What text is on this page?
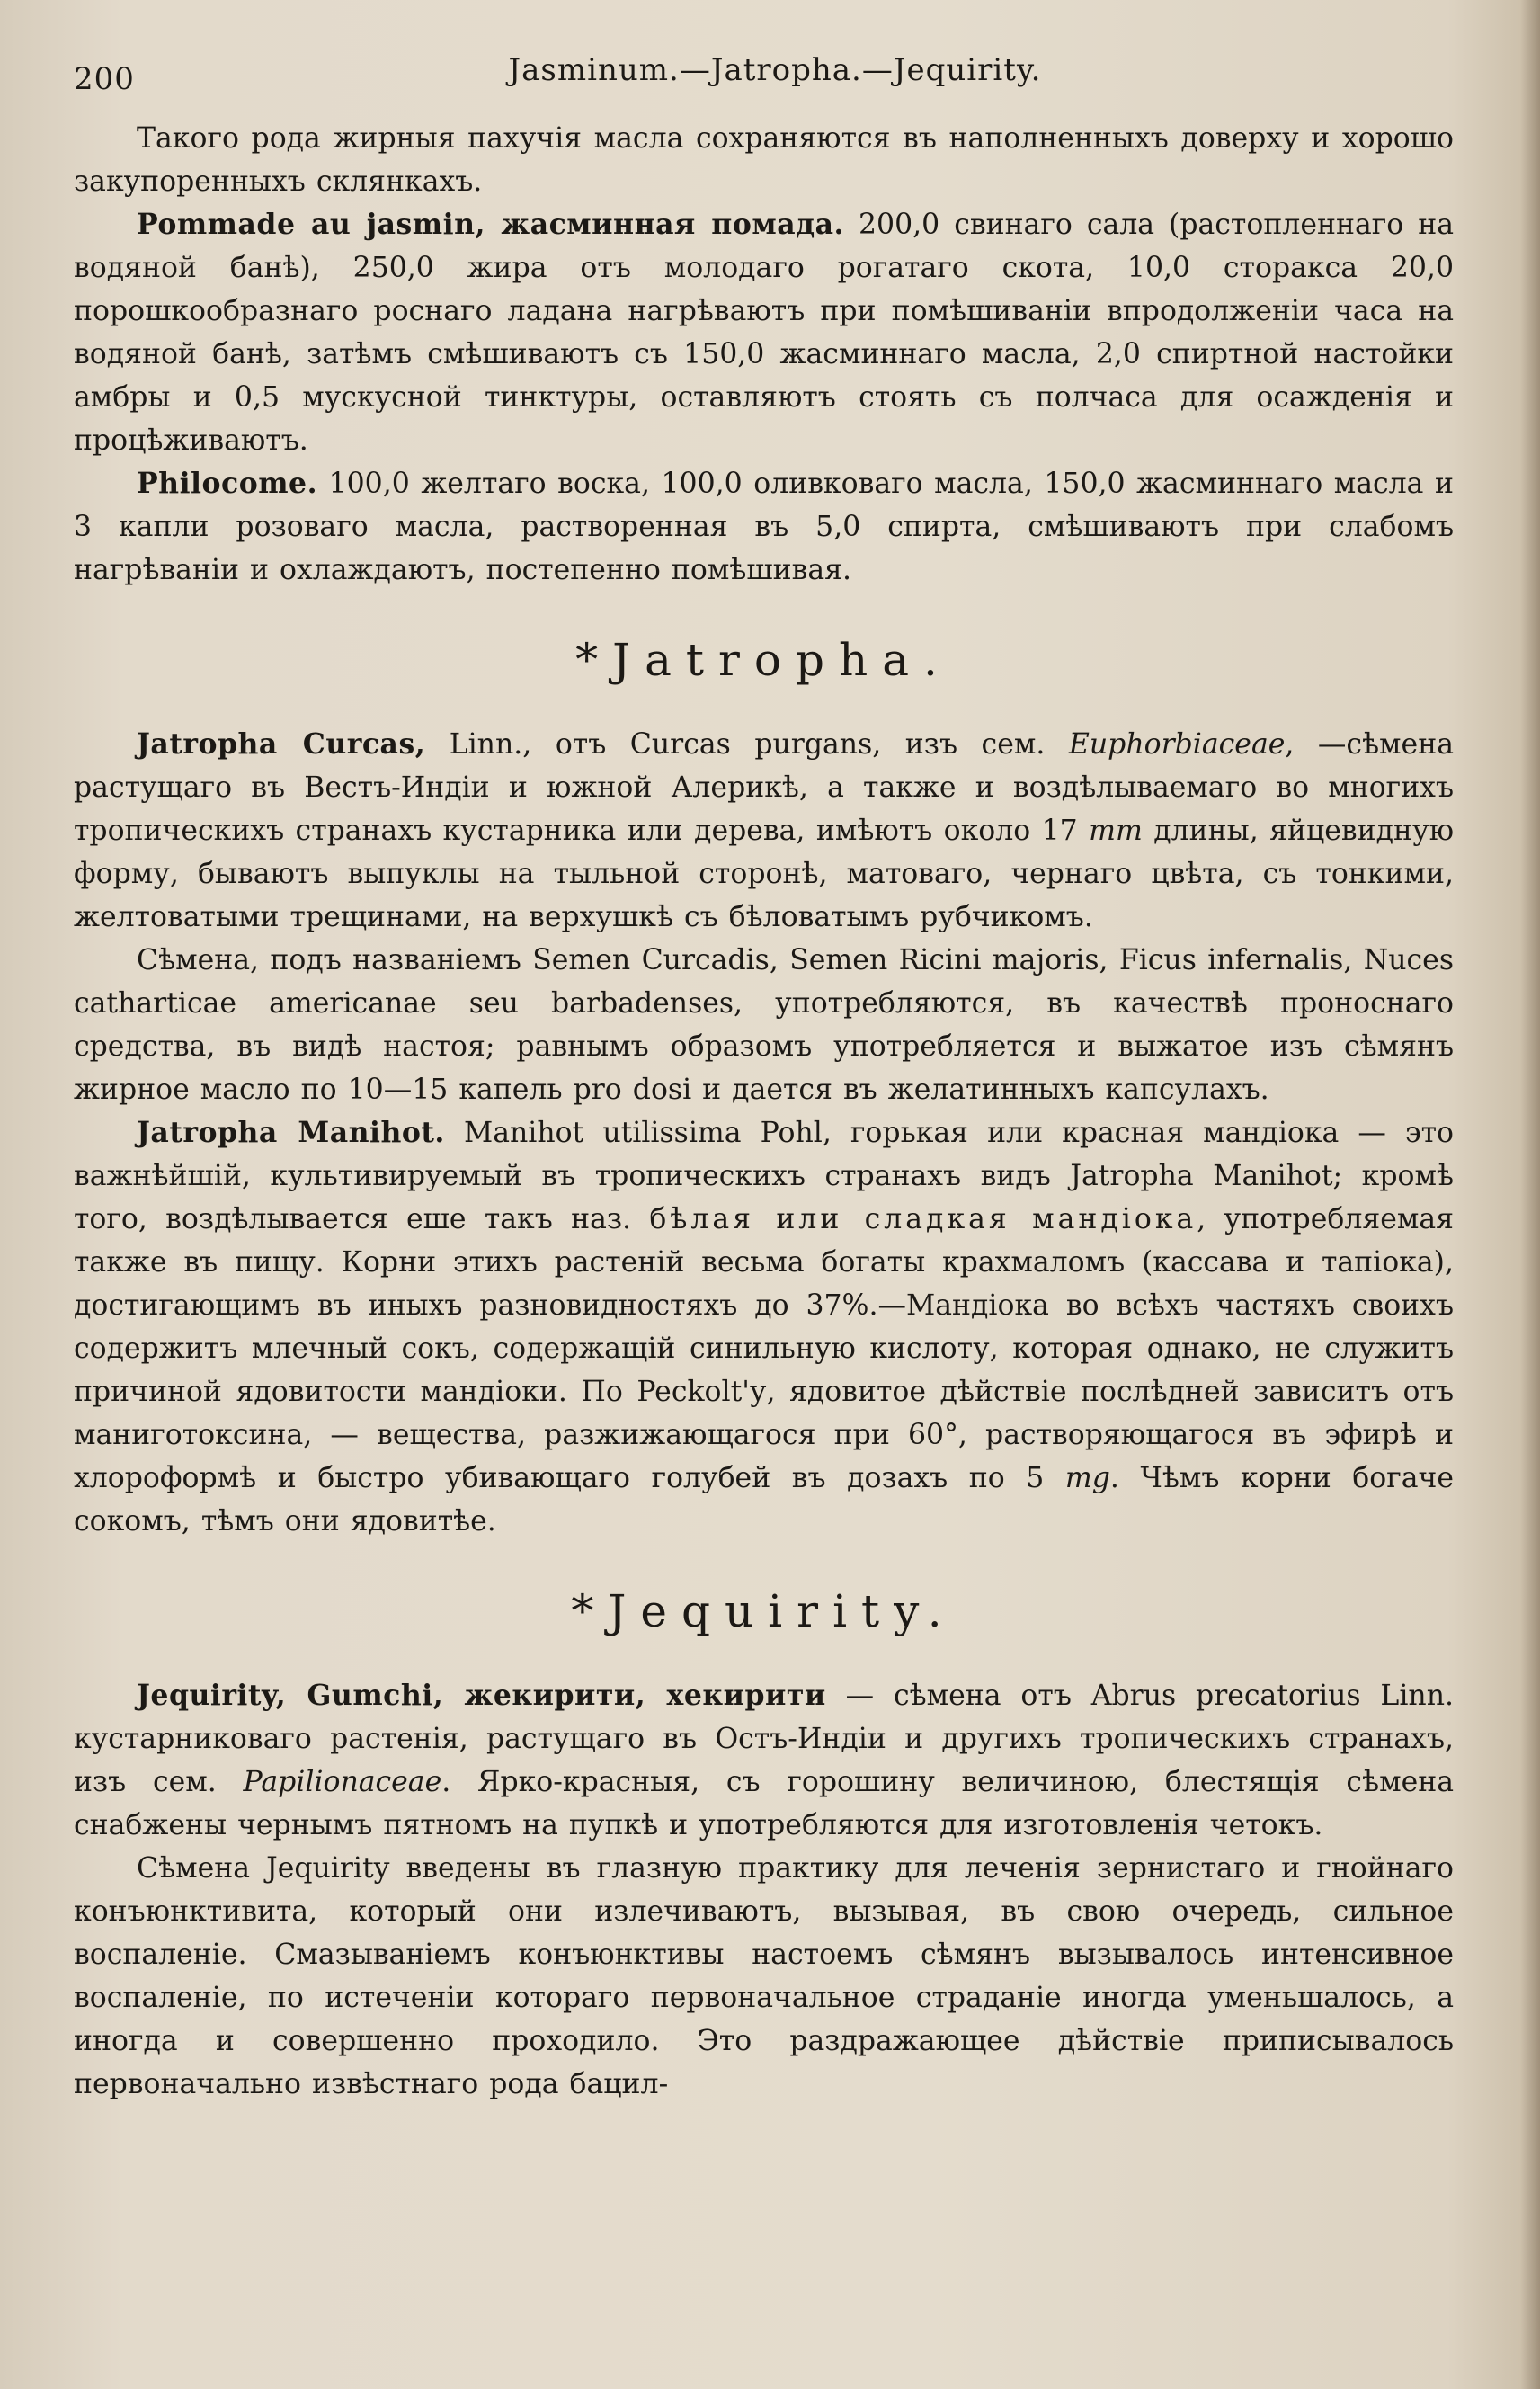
200	Jasminum.—Jatropha.—Jequirity.

Такого рода жирныя пахучія масла сохраняются въ наполненныхъ доверху и хорошо закупоренныхъ склянкахъ.

Pommade au jasmin, жасминная помада. 200,0 свинаго сала (растопленнаго на водяной банѣ), 250,0 жира отъ молодаго рогатаго скота, 10,0 сторакса 20,0 порошкообразнаго роснаго ладана нагрѣваютъ при помѣшиваніи впродолженіи часа на водяной банѣ, затѣмъ смѣшиваютъ съ 150,0 жасминнаго масла, 2,0 спиртной настойки амбры и 0,5 мускусной тинктуры, оставляютъ стоять съ полчаса для осажденія и процѣживаютъ.

Philocome. 100,0 желтаго воска, 100,0 оливковаго масла, 150,0 жасминнаго масла и 3 капли розоваго масла, растворенная въ 5,0 спирта, смѣшиваютъ при слабомъ нагрѣваніи и охлаждаютъ, постепенно помѣшивая.

*Jatropha.

Jatropha Curcas, Linn., отъ Curcas purgans, изъ сем. Euphorbiaceae, —сѣмена растущаго въ Вестъ-Индіи и южной Алерикѣ, а также и воздѣлываемаго во многихъ тропическихъ странахъ кустарника или дерева, имѣютъ около 17 mm длины, яйцевидную форму, бываютъ выпуклы на тыльной сторонѣ, матоваго, чернаго цвѣта, съ тонкими, желтоватыми трещинами, на верхушкѣ съ бѣловатымъ рубчикомъ.

Сѣмена, подъ названіемъ Semen Curcadis, Semen Ricini majoris, Ficus infernalis, Nuces catharticae americanae seu barbadenses, употребляются, въ качествѣ проноснаго средства, въ видѣ настоя; равнымъ образомъ употребляется и выжатое изъ сѣмянъ жирное масло по 10—15 капель pro dosi и дается въ желатинныхъ капсулахъ.

Jatropha Manihot. Manihot utilissima Pohl, горькая или красная мандіока — это важнѣйшій, культивируемый въ тропическихъ странахъ видъ Jatropha Manihot; кромѣ того, воздѣлывается еше такъ наз. бѣлая или сладкая мандіока, употребляемая также въ пищу. Корни этихъ растеній весьма богаты крахмаломъ (кассава и тапіока), достигающимъ въ иныхъ разновидностяхъ до 37%.—Мандіока во всѣхъ частяхъ своихъ содержитъ млечный сокъ, содержащій синильную кислоту, которая однако, не служитъ причиной ядовитости мандіоки. По Peckolt'у, ядовитое дѣйствіе послѣдней зависитъ отъ маниготоксина, — вещества, разжижающагося при 60°, растворяющагося въ эфирѣ и хлороформѣ и быстро убивающаго голубей въ дозахъ по 5 mg. Чѣмъ корни богаче сокомъ, тѣмъ они ядовитѣе.

*Jequirity.

Jequirity, Gumchi, жекирити, хекирити — сѣмена отъ Abrus precatorius Linn. кустарниковаго растенія, растущаго въ Остъ-Индіи и другихъ тропическихъ странахъ, изъ сем. Papilionaceae. Ярко-красныя, съ горошину величиною, блестящія сѣмена снабжены чернымъ пятномъ на пупкѣ и употребляются для изготовленія четокъ.

Сѣмена Jequirity введены въ глазную практику для леченія зернистаго и гнойнаго конъюнктивита, который они излечиваютъ, вызывая, въ свою очередь, сильное воспаленіе. Смазываніемъ конъюнктивы настоемъ сѣмянъ вызывалось интенсивное воспаленіе, по истеченіи котораго первоначальное страданіе иногда уменьшалось, а иногда и совершенно проходило. Это раздражающее дѣйствіе приписывалось первоначально извѣстнаго рода бацил-
